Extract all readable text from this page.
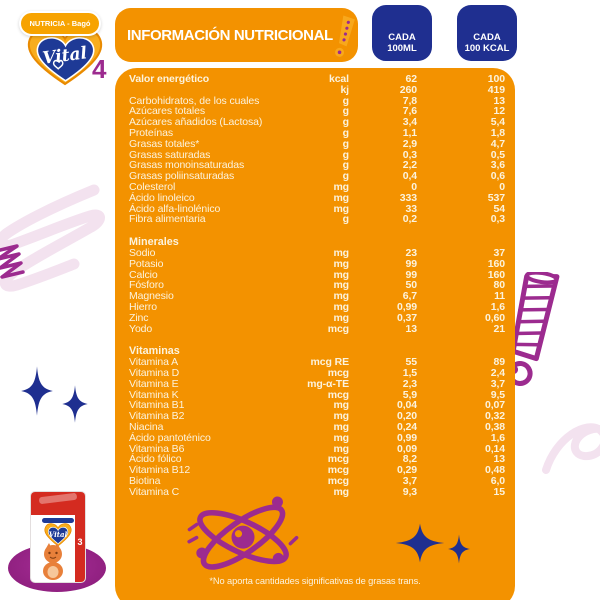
INFORMACIÓN NUTRICIONAL	CADA
100ML
CADA
100 KCAL
NUTRICIA - Bagó
Vital 4 Valor energético	kcal	62	100
kj	260	419
Carbohidratos, de los cuales	g	7,8	13
Azúcares totales	g	7,6	12
Azúcares añadidos (Lactosa)	g	3,4	5,4
Proteínas	g	1,1	1,8
Grasas totales*	g	2,9	4,7
Grasas saturadas	g	0,3	0,5
Grasas monoinsaturadas	g	2,2	3,6
Grasas poliinsaturadas	g	0,4	0,6
Colesterol	mg	0	0
Ácido linoleico	mg	333	537
Ácido alfa-linolénico	mg	33	54
Fibra alimentaria	g	0,2	0,3
Minerales
Sodio	mg	23	37
Potasio	mg	99	160
Calcio	mg	99	160
Fósforo	mg	50	80
Magnesio	mg	6,7	11
Hierro	mg	0,99	1,6
Zinc	mg	0,37	0,60
Yodo	mcg	13	21
Vitaminas
Vitamina A	mcg RE	55	89
Vitamina D	mcg	1,5	2,4
Vitamina E	mg-α-TE	2,3	3,7
Vitamina K	mcg	5,9	9,5
Vitamina B1	mg	0,04	0,07
Vitamina B2	mg	0,20	0,32
Niacina	mg	0,24	0,38
Ácido pantoténico	mg	0,99	1,6
Vitamina B6	mg	0,09	0,14
Ácido fólico	mcg	8,2	13
Vitamina B12	mcg	0,29	0,48
Biotina	mcg	3,7	6,0
Vitamina C	mg	9,3	15
*No aporta cantidades significativas de grasas trans.
Vital
3
